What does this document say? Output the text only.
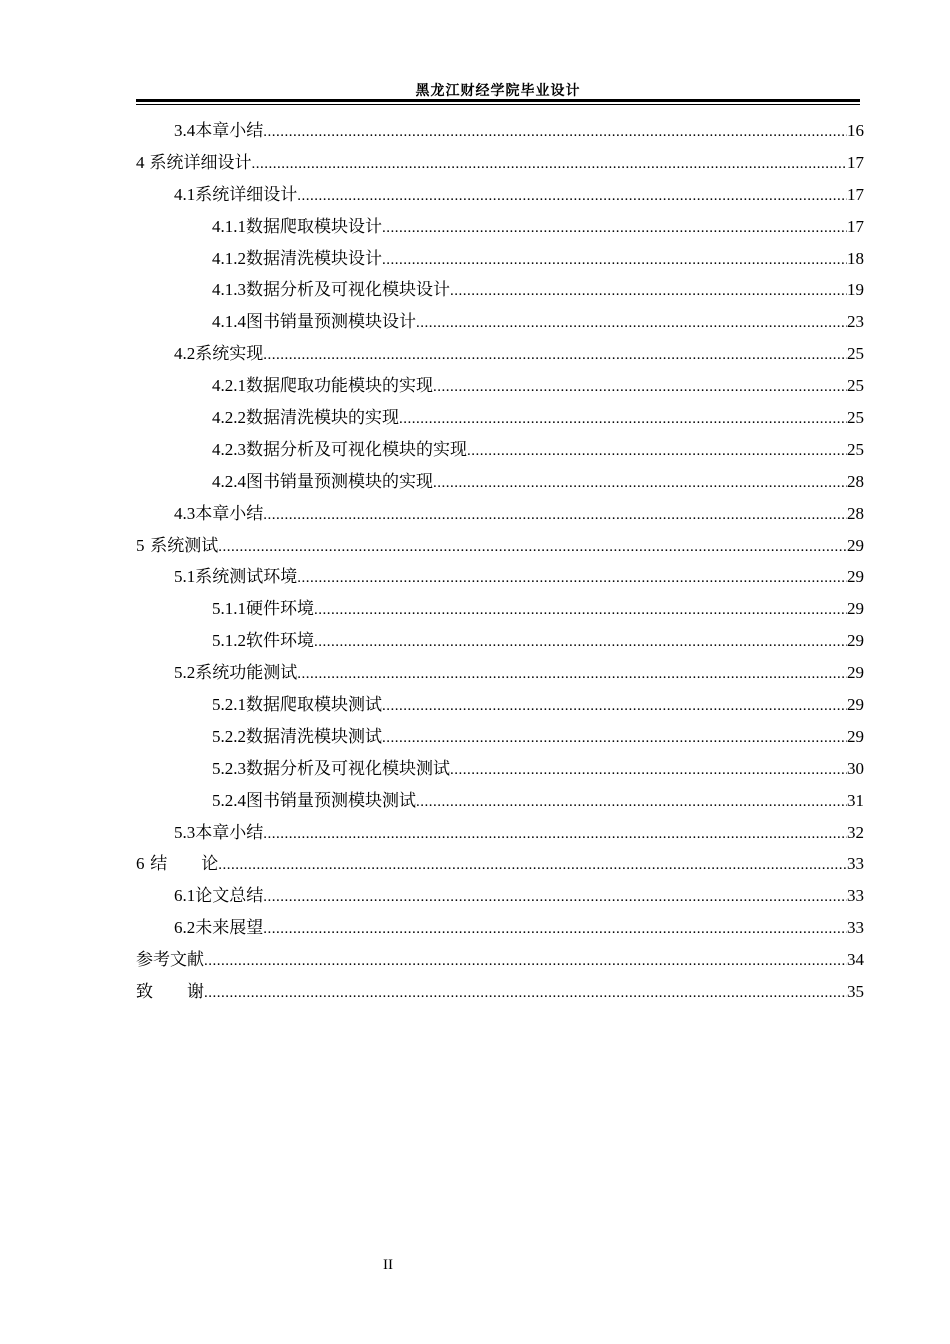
黑龙江财经学院毕业设计
3.4 本章小结 .....	16
4 系统详细设计 .....	17
4.1 系统详细设计 .....	17
4.1.1 数据爬取模块设计 .....	17
4.1.2 数据清洗模块设计 .....	18
4.1.3 数据分析及可视化模块设计 .....	19
4.1.4 图书销量预测模块设计 .....	23
4.2 系统实现 .....	25
4.2.1 数据爬取功能模块的实现 .....	25
4.2.2 数据清洗模块的实现 .....	25
4.2.3 数据分析及可视化模块的实现 .....	25
4.2.4 图书销量预测模块的实现 .....	28
4.3 本章小结 .....	28
5 系统测试 .....	29
5.1 系统测试环境 .....	29
5.1.1 硬件环境 .....	29
5.1.2 软件环境 .....	29
5.2 系统功能测试 .....	29
5.2.1 数据爬取模块测试 .....	29
5.2.2 数据清洗模块测试 .....	29
5.2.3 数据分析及可视化模块测试 .....	30
5.2.4 图书销量预测模块测试 .....	31
5.3 本章小结 .....	32
6 结　　论 .....	33
6.1 论文总结 .....	33
6.2 未来展望 .....	33
参考文献 .....	34
致　　谢 .....	35
II
